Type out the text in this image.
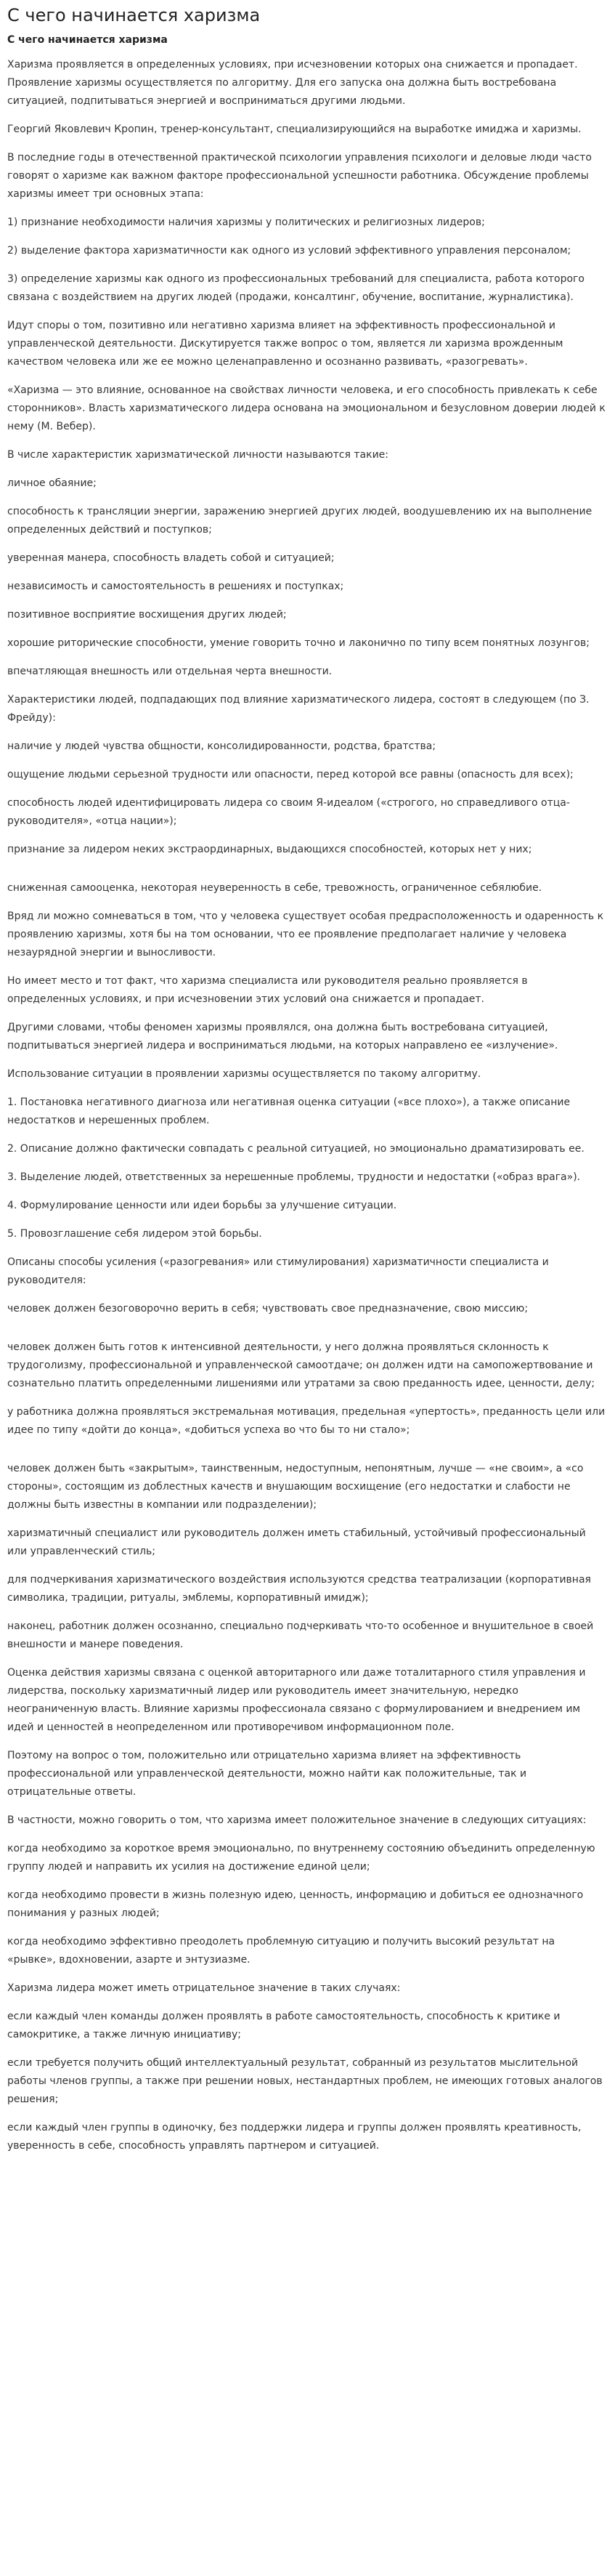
С чего начинается харизма
С чего начинается харизма

Харизма проявляется в определенных условиях, при исчезновении которых она снижается и пропадает. Проявление харизмы осуществляется по алгоритму. Для его запуска она должна быть востребована ситуацией, подпитываться энергией и восприниматься другими людьми.

Георгий Яковлевич Кропин, тренер-консультант, специализирующийся на выработке имиджа и харизмы.

В последние годы в отечественной практической психологии управления психологи и деловые люди часто говорят о харизме как важном факторе профессиональной успешности работника. Обсуждение проблемы харизмы имеет три основных этапа:

1) признание необходимости наличия харизмы у политических и религиозных лидеров;

2) выделение фактора харизматичности как одного из условий эффективного управления персоналом;

3) определение харизмы как одного из профессиональных требований для специалиста, работа которого связана с воздействием на других людей (продажи, консалтинг, обучение, воспитание, журналистика).

Идут споры о том, позитивно или негативно харизма влияет на эффективность профессиональной и управленческой деятельности. Дискутируется также вопрос о том, является ли харизма врожденным качеством человека или же ее можно целенаправленно и осознанно развивать, «разогревать».

«Харизма — это влияние, основанное на свойствах личности человека, и его способность привлекать к себе сторонников». Власть харизматического лидера основана на эмоциональном и безусловном доверии людей к нему (М. Вебер).

В числе характеристик харизматической личности называются такие:

личное обаяние;

способность к трансляции энергии, заражению энергией других людей, воодушевлению их на выполнение определенных действий и поступков;

уверенная манера, способность владеть собой и ситуацией;

независимость и самостоятельность в решениях и поступках;

позитивное восприятие восхищения других людей;

хорошие риторические способности, умение говорить точно и лаконично по типу всем понятных лозунгов;

впечатляющая внешность или отдельная черта внешности.

Характеристики людей, подпадающих под влияние харизматического лидера, состоят в следующем (по З. Фрейду):

наличие у людей чувства общности, консолидированности, родства, братства;

ощущение людьми серьезной трудности или опасности, перед которой все равны (опасность для всех);

способность людей идентифицировать лидера со своим Я-идеалом («строгого, но справедливого отца-руководителя», «отца нации»);

признание за лидером неких экстраординарных, выдающихся способностей, которых нет у них;

сниженная самооценка, некоторая неуверенность в себе, тревожность, ограниченное себялюбие.

Вряд ли можно сомневаться в том, что у человека существует особая предрасположенность и одаренность к проявлению харизмы, хотя бы на том основании, что ее проявление предполагает наличие у человека незаурядной энергии и выносливости.

Но имеет место и тот факт, что харизма специалиста или руководителя реально проявляется в определенных условиях, и при исчезновении этих условий она снижается и пропадает.

Другими словами, чтобы феномен харизмы проявлялся, она должна быть востребована ситуацией, подпитываться энергией лидера и восприниматься людьми, на которых направлено ее «излучение».

Использование ситуации в проявлении харизмы осуществляется по такому алгоритму.

1. Постановка негативного диагноза или негативная оценка ситуации («все плохо»), а также описание недостатков и нерешенных проблем.

2. Описание должно фактически совпадать с реальной ситуацией, но эмоционально драматизировать ее.

3. Выделение людей, ответственных за нерешенные проблемы, трудности и недостатки («образ врага»).

4. Формулирование ценности или идеи борьбы за улучшение ситуации.

5. Провозглашение себя лидером этой борьбы.

Описаны способы усиления («разогревания» или стимулирования) харизматичности специалиста и руководителя:

человек должен безоговорочно верить в себя; чувствовать свое предназначение, свою миссию;

человек должен быть готов к интенсивной деятельности, у него должна проявляться склонность к трудоголизму, профессиональной и управленческой самоотдаче; он должен идти на самопожертвование и сознательно платить определенными лишениями или утратами за свою преданность идее, ценности, делу;

у работника должна проявляться экстремальная мотивация, предельная «упертость», преданность цели или идее по типу «дойти до конца», «добиться успеха во что бы то ни стало»;

человек должен быть «закрытым», таинственным, недоступным, непонятным, лучше — «не своим», а «со стороны», состоящим из доблестных качеств и внушающим восхищение (его недостатки и слабости не должны быть известны в компании или подразделении);

харизматичный специалист или руководитель должен иметь стабильный, устойчивый профессиональный или управленческий стиль;

для подчеркивания харизматического воздействия используются средства театрализации (корпоративная символика, традиции, ритуалы, эмблемы, корпоративный имидж);

наконец, работник должен осознанно, специально подчеркивать что-то особенное и внушительное в своей внешности и манере поведения.

Оценка действия харизмы связана с оценкой авторитарного или даже тоталитарного стиля управления и лидерства, поскольку харизматичный лидер или руководитель имеет значительную, нередко неограниченную власть. Влияние харизмы профессионала связано с формулированием и внедрением им идей и ценностей в неопределенном или противоречивом информационном поле.

Поэтому на вопрос о том, положительно или отрицательно харизма влияет на эффективность профессиональной или управленческой деятельности, можно найти как положительные, так и отрицательные ответы.

В частности, можно говорить о том, что харизма имеет положительное значение в следующих ситуациях:

когда необходимо за короткое время эмоционально, по внутреннему состоянию объединить определенную группу людей и направить их усилия на достижение единой цели;

когда необходимо провести в жизнь полезную идею, ценность, информацию и добиться ее однозначного понимания у разных людей;

когда необходимо эффективно преодолеть проблемную ситуацию и получить высокий результат на «рывке», вдохновении, азарте и энтузиазме.

Харизма лидера может иметь отрицательное значение в таких случаях:

если каждый член команды должен проявлять в работе самостоятельность, способность к критике и самокритике, а также личную инициативу;

если требуется получить общий интеллектуальный результат, собранный из результатов мыслительной работы членов группы, а также при решении новых, нестандартных проблем, не имеющих готовых аналогов решения;

если каждый член группы в одиночку, без поддержки лидера и группы должен проявлять креативность, уверенность в себе, способность управлять партнером и ситуацией.
